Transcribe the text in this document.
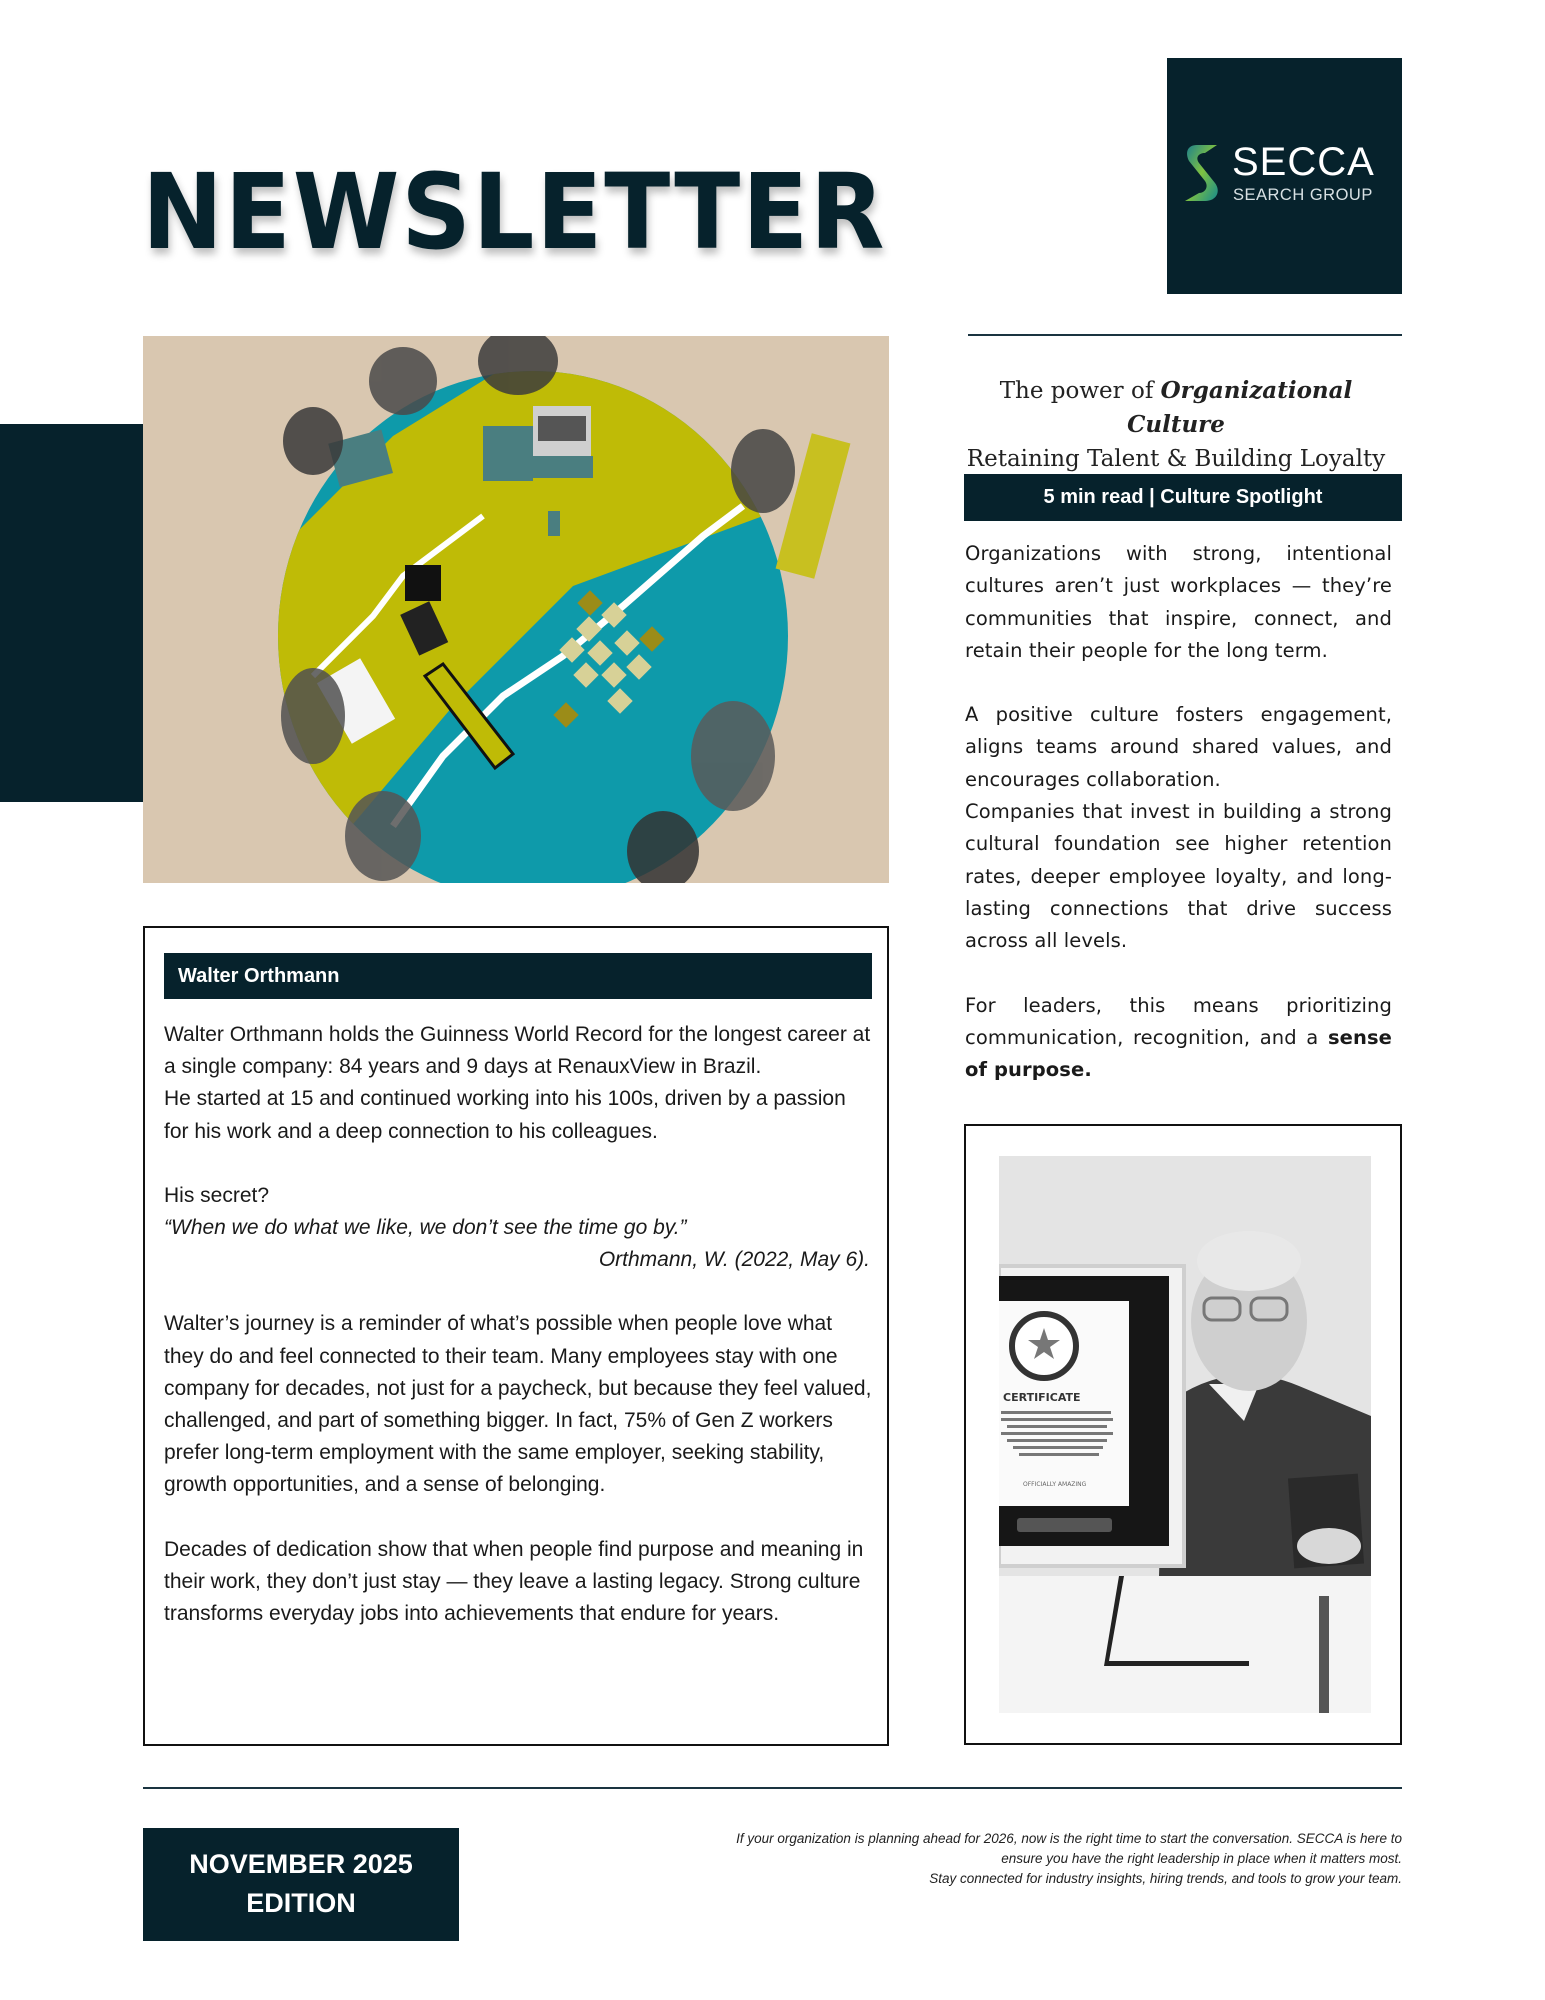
NEWSLETTER	SECCA
SEARCH GROUP
The power of Organizational Culture
Retaining Talent & Building Loyalty
5 min read | Culture Spotlight

Organizations with strong, intentional cultures aren’t just workplaces — they’re communities that inspire, connect, and retain their people for the long term.

A positive culture fosters engagement, aligns teams around shared values, and encourages collaboration.

Companies that invest in building a strong cultural foundation see higher retention rates, deeper employee loyalty, and long-lasting connections that drive success across all levels.

For leaders, this means prioritizing communication, recognition, and a sense of purpose.

Walter Orthmann

Walter Orthmann holds the Guinness World Record for the longest career at a single company: 84 years and 9 days at RenauxView in Brazil.

He started at 15 and continued working into his 100s, driven by a passion for his work and a deep connection to his colleagues.

His secret?

“When we do what we like, we don’t see the time go by.”

Orthmann, W. (2022, May 6).

Walter’s journey is a reminder of what’s possible when people love what they do and feel connected to their team. Many employees stay with one company for decades, not just for a paycheck, but because they feel valued, challenged, and part of something bigger. In fact, 75% of Gen Z workers prefer long-term employment with the same employer, seeking stability, growth opportunities, and a sense of belonging.

Decades of dedication show that when people find purpose and meaning in their work, they don’t just stay — they leave a lasting legacy. Strong culture transforms everyday jobs into achievements that endure for years.

CERTIFICATE
OFFICIALLY AMAZING
NOVEMBER 2025
EDITION
If your organization is planning ahead for 2026, now is the right time to start the conversation. SECCA is here to
ensure you have the right leadership in place when it matters most.
Stay connected for industry insights, hiring trends, and tools to grow your team.
